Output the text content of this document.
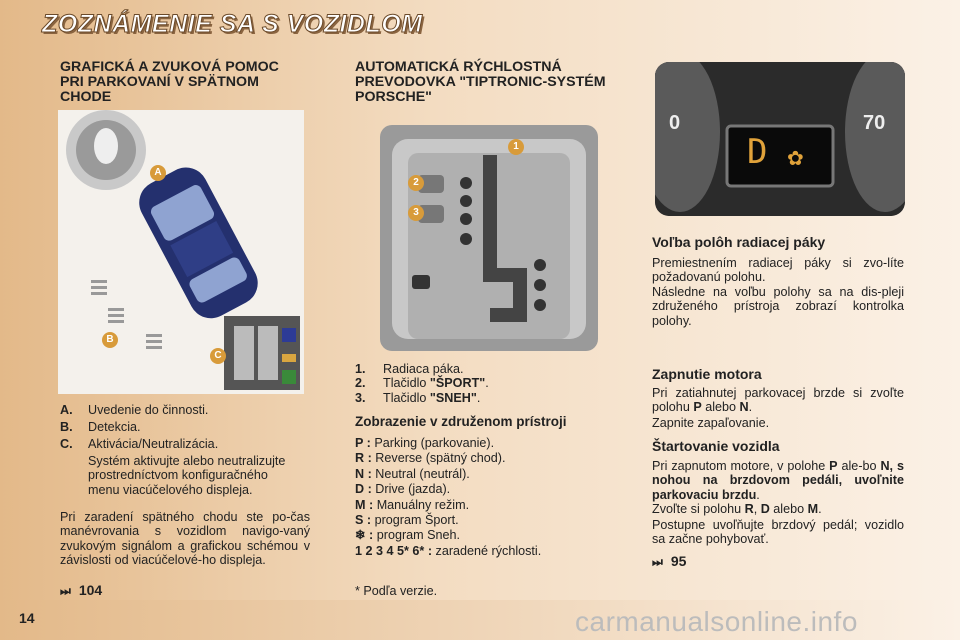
ZOZNÁMENIE SA S VOZIDLOM
GRAFICKÁ A ZVUKOVÁ POMOC PRI PARKOVANÍ V SPÄTNOM CHODE
A
B
C
A. Uvedenie do činnosti.
B. Detekcia.
C. Aktivácia/Neutralizácia.
Systém aktivujte alebo neutralizujte prostredníctvom konfiguračného menu viacúčelového displeja.
Pri zaradení spätného chodu ste po-čas manévrovania s vozidlom navigo-vaný zvukovým signálom a grafickou schémou v závislosti od viacúčelové-ho displeja.
⏭ 104
AUTOMATICKÁ RÝCHLOSTNÁ PREVODOVKA "TIPTRONIC-SYSTÉM PORSCHE"
1
2
3
1. Radiaca páka.
2. Tlačidlo "ŠPORT".
3. Tlačidlo "SNEH".
Zobrazenie v združenom prístroji
P : Parking (parkovanie).
R : Reverse (spätný chod).
N : Neutral (neutrál).
D : Drive (jazda).
M : Manuálny režim.
S : program Šport.
❄ : program Sneh.
1 2 3 4 5* 6* : zaradené rýchlosti.
* Podľa verzie.
0	70
D ✿
Voľba polôh radiacej páky
Premiestnením radiacej páky si zvo-líte požadovanú polohu.
Následne na voľbu polohy sa na dis-pleji združeného prístroja zobrazí kontrolka polohy.
Zapnutie motora
Pri zatiahnutej parkovacej brzde si zvoľte polohu P alebo N.
Zapnite zapaľovanie.
Štartovanie vozidla
Pri zapnutom motore, v polohe P ale-bo N, s nohou na brzdovom pedáli, uvoľnite parkovaciu brzdu.
Zvoľte si polohu R, D alebo M.
Postupne uvoľňujte brzdový pedál; vozidlo sa začne pohybovať.
⏭ 95
14	carmanualsonline.info
